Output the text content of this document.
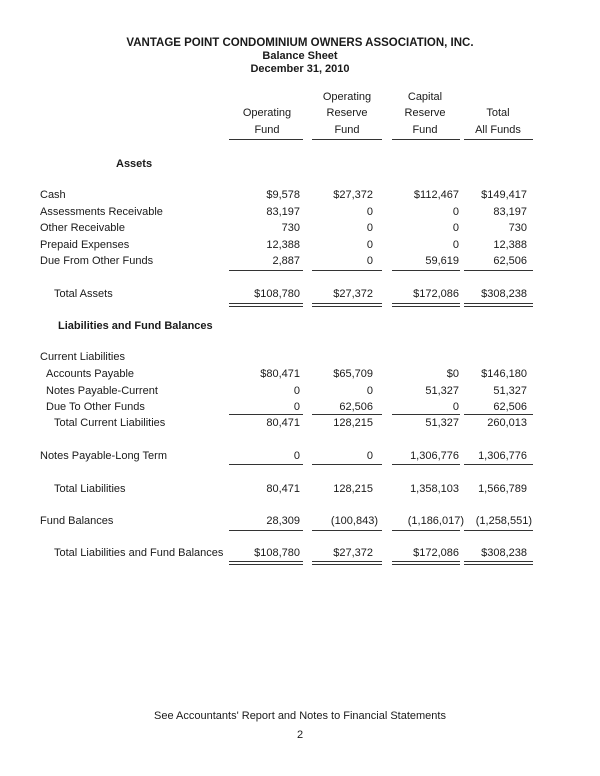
VANTAGE POINT CONDOMINIUM OWNERS ASSOCIATION, INC.
Balance Sheet
December 31, 2010
Operating
Fund
Operating
Reserve
Fund
Capital
Reserve
Fund
Total
All Funds
Assets
Cash	$9,578	$27,372	$112,467	$149,417
Assessments Receivable	83,197	0	0	83,197
Other Receivable	730	0	0	730
Prepaid Expenses	12,388	0	0	12,388
Due From Other Funds	2,887	0	59,619	62,506
Total Assets	$108,780	$27,372	$172,086	$308,238
Liabilities and Fund Balances
Current Liabilities
Accounts Payable	$80,471	$65,709	$0	$146,180
Notes Payable-Current	0	0	51,327	51,327
Due To Other Funds	0	62,506	0	62,506
Total Current Liabilities	80,471	128,215	51,327	260,013
Notes Payable-Long Term	0	0	1,306,776	1,306,776
Total Liabilities	80,471	128,215	1,358,103	1,566,789
Fund Balances	28,309	(100,843)	(1,186,017)	(1,258,551)
Total Liabilities and Fund Balances	$108,780	$27,372	$172,086	$308,238
See Accountants' Report and Notes to Financial Statements
2
